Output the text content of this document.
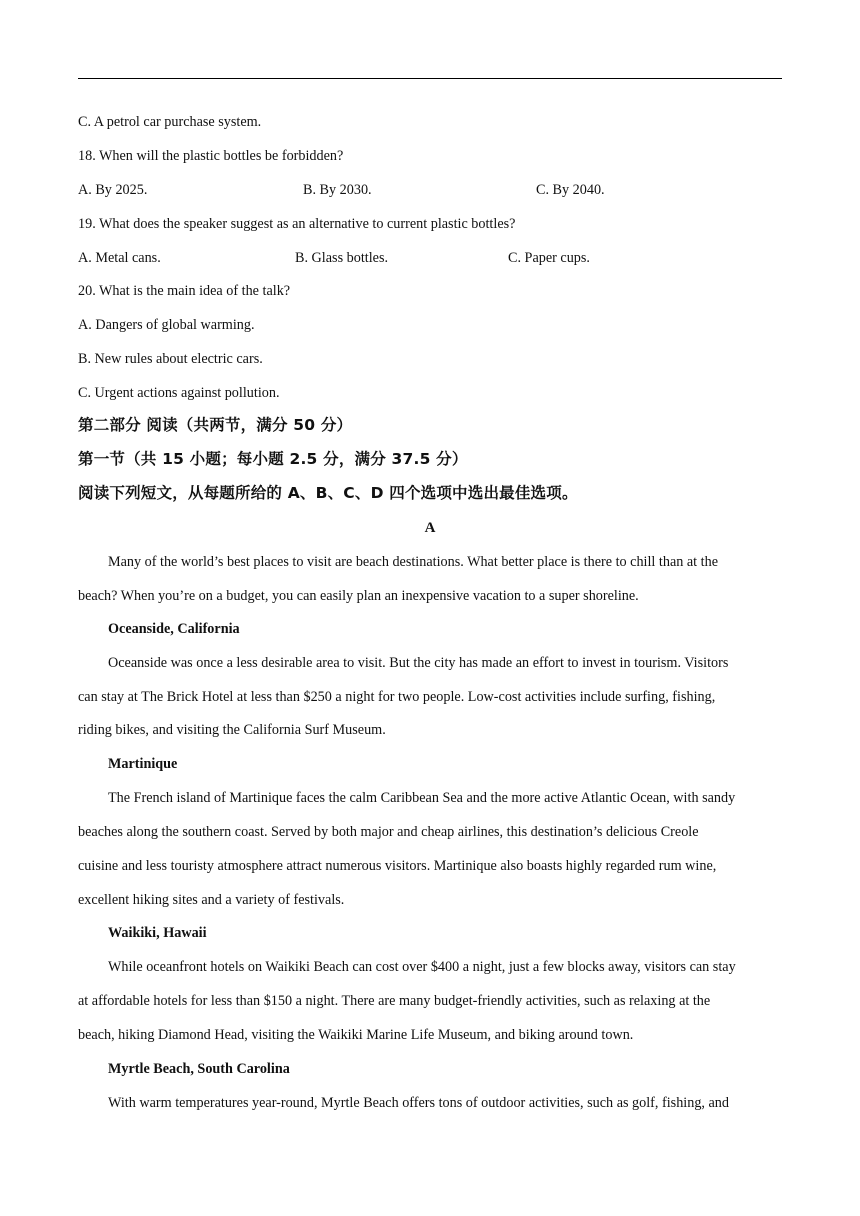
C. A petrol car purchase system.
18. When will the plastic bottles be forbidden?
A. By 2025.	B. By 2030.	C. By 2040.
19. What does the speaker suggest as an alternative to current plastic bottles?
A. Metal cans.	B. Glass bottles.	C. Paper cups.
20. What is the main idea of the talk?
A. Dangers of global warming.
B. New rules about electric cars.
C. Urgent actions against pollution.
第二部分 阅读（共两节，满分 50 分）
第一节（共 15 小题；每小题 2.5 分，满分 37.5 分）
阅读下列短文，从每题所给的 A、B、C、D 四个选项中选出最佳选项。
A
Many of the world’s best places to visit are beach destinations. What better place is there to chill than at the
beach? When you’re on a budget, you can easily plan an inexpensive vacation to a super shoreline.
Oceanside, California
Oceanside was once a less desirable area to visit. But the city has made an effort to invest in tourism. Visitors
can stay at The Brick Hotel at less than $250 a night for two people. Low-cost activities include surfing, fishing,
riding bikes, and visiting the California Surf Museum.
Martinique
The French island of Martinique faces the calm Caribbean Sea and the more active Atlantic Ocean, with sandy
beaches along the southern coast. Served by both major and cheap airlines, this destination’s delicious Creole
cuisine and less touristy atmosphere attract numerous visitors. Martinique also boasts highly regarded rum wine,
excellent hiking sites and a variety of festivals.
Waikiki, Hawaii
While oceanfront hotels on Waikiki Beach can cost over $400 a night, just a few blocks away, visitors can stay
at affordable hotels for less than $150 a night. There are many budget-friendly activities, such as relaxing at the
beach, hiking Diamond Head, visiting the Waikiki Marine Life Museum, and biking around town.
Myrtle Beach, South Carolina
With warm temperatures year-round, Myrtle Beach offers tons of outdoor activities, such as golf, fishing, and
